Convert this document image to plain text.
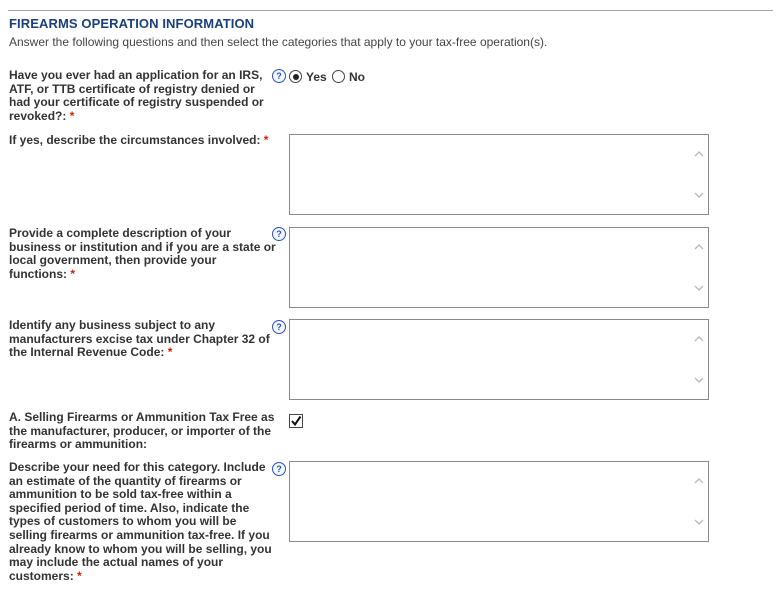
FIREARMS OPERATION INFORMATION
Answer the following questions and then select the categories that apply to your tax-free operation(s).
Have you ever had an application for an IRS, ATF, or TTB certificate of registry denied or had your certificate of registry suspended or revoked?: *
?	Yes No
If yes, describe the circumstances involved: *
Provide a complete description of your business or institution and if you are a state or local government, then provide your functions: *
?
Identify any business subject to any manufacturers excise tax under Chapter 32 of the Internal Revenue Code: *
?
A. Selling Firearms or Ammunition Tax Free as the manufacturer, producer, or importer of the firearms or ammunition:
Describe your need for this category. Include an estimate of the quantity of firearms or ammunition to be sold tax-free within a specified period of time. Also, indicate the types of customers to whom you will be selling firearms or ammunition tax-free. If you already know to whom you will be selling, you may include the actual names of your customers: *
?
